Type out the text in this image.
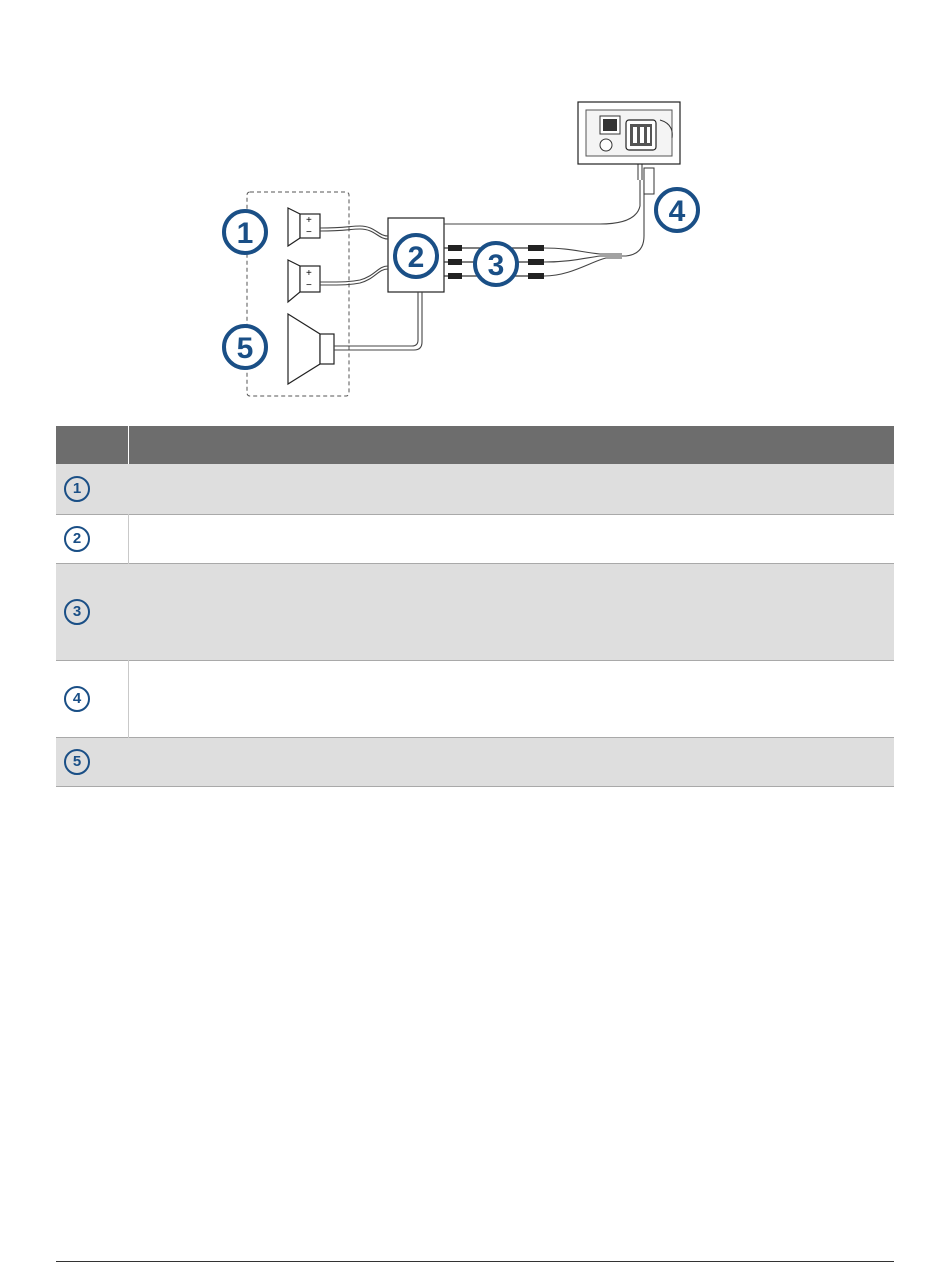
+
−
+
−
1
2 3
4
5

1	
2	
3	
4	
5	
